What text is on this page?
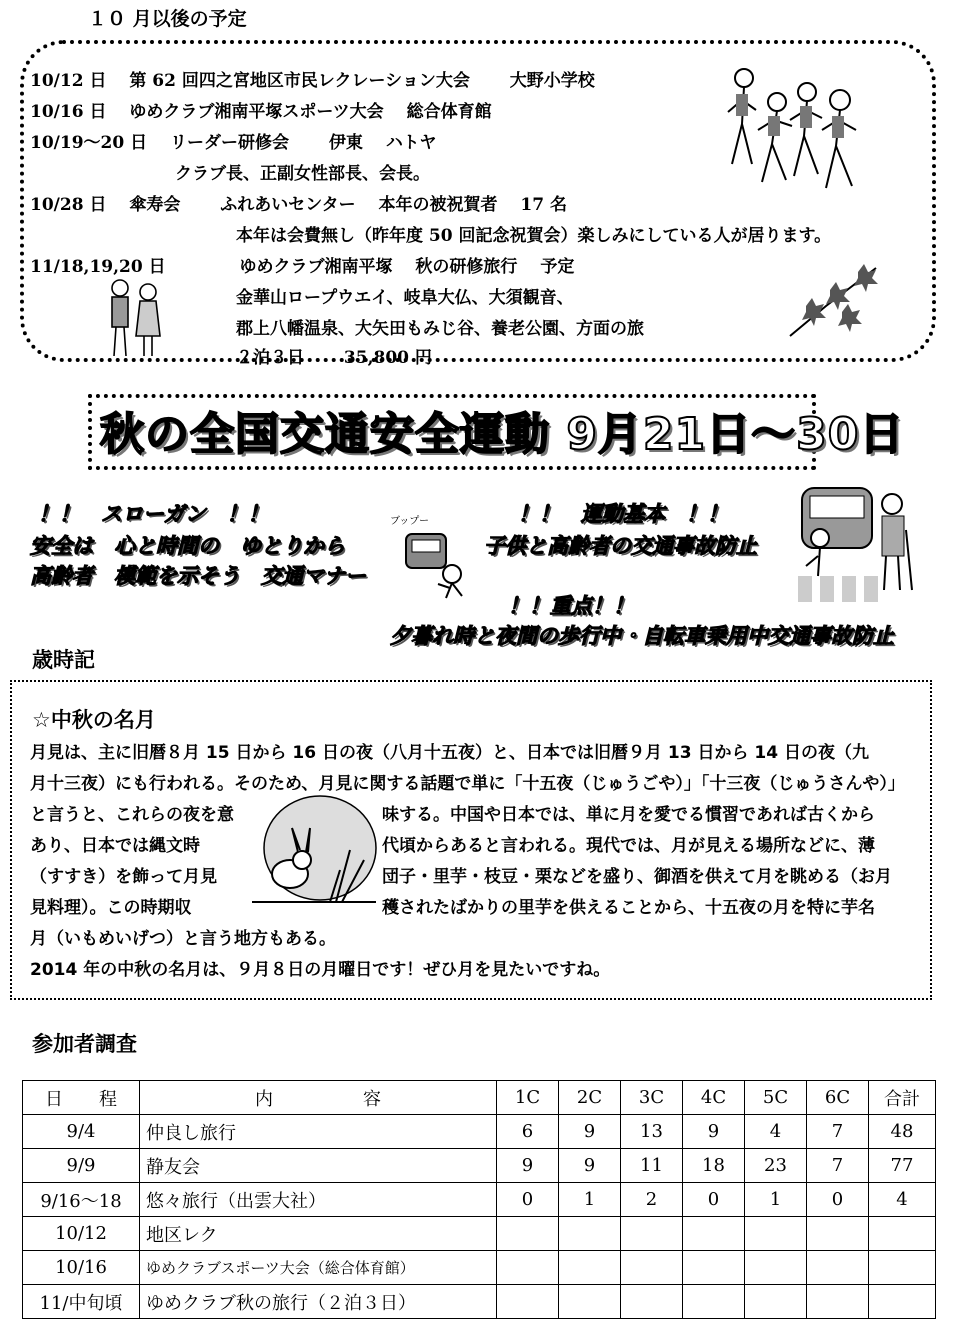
１０ 月以後の予定
10/12 日　 第 62 回四之宮地区市民レクレーション大会　　 大野小学校
10/16 日　 ゆめクラブ湘南平塚スポーツ大会　 総合体育館
10/19～20 日　 リーダー研修会　　 伊東　 ハトヤ
クラブ長、正副女性部長、会長。
10/28 日　 傘寿会　　 ふれあいセンター　 本年の被祝賀者　 17 名
本年は会費無し（昨年度 50 回記念祝賀会）楽しみにしている人が居ります。
11/18,19,20 日　　　　 ゆめクラブ湘南平塚　 秋の研修旅行　 予定
金華山ロープウエイ、岐阜大仏、大須観音、
郡上八幡温泉、大矢田もみじ谷、養老公園、方面の旅
２泊３日　　 35,800 円
秋の全国交通安全運動 9月21日～30日
！！　スローガン　！！
安全は　心と時間の　ゆとりから
高齢者　模範を示そう　交通マナー
！！　運動基本　！！
子供と高齢者の交通事故防止
！！重点！！
夕暮れ時と夜間の歩行中・自転車乗用中交通事故防止
ブップー
歳時記
☆中秋の名月
月見は、主に旧暦８月 15 日から 16 日の夜（八月十五夜）と、日本では旧暦９月 13 日から 14 日の夜（九
月十三夜）にも行われる。そのため、月見に関する話題で単に「十五夜（じゅうごや）」「十三夜（じゅうさんや）」
と言うと、これらの夜を意	味する。中国や日本では、単に月を愛でる慣習であれば古くから
あり、日本では縄文時	代頃からあると言われる。現代では、月が見える場所などに、薄
（すすき）を飾って月見	団子・里芋・枝豆・栗などを盛り、御酒を供えて月を眺める（お月
見料理）。この時期収	穫されたばかりの里芋を供えることから、十五夜の月を特に芋名
月（いもめいげつ）と言う地方もある。
2014 年の中秋の名月は、９月８日の月曜日です！ぜひ月を見たいですね。
参加者調査
日　　程	内　　　　　容	1C	2C	3C	4C	5C	6C	合計
9/4	仲良し旅行	6	9	13	9	4	7	48
9/9	静友会	9	9	11	18	23	7	77
9/16～18	悠々旅行（出雲大社）	0	1	2	0	1	0	4
10/12	地区レク							
10/16	ゆめクラブスポーツ大会（総合体育館）							
11/中旬頃	ゆめクラブ秋の旅行（２泊３日）							
